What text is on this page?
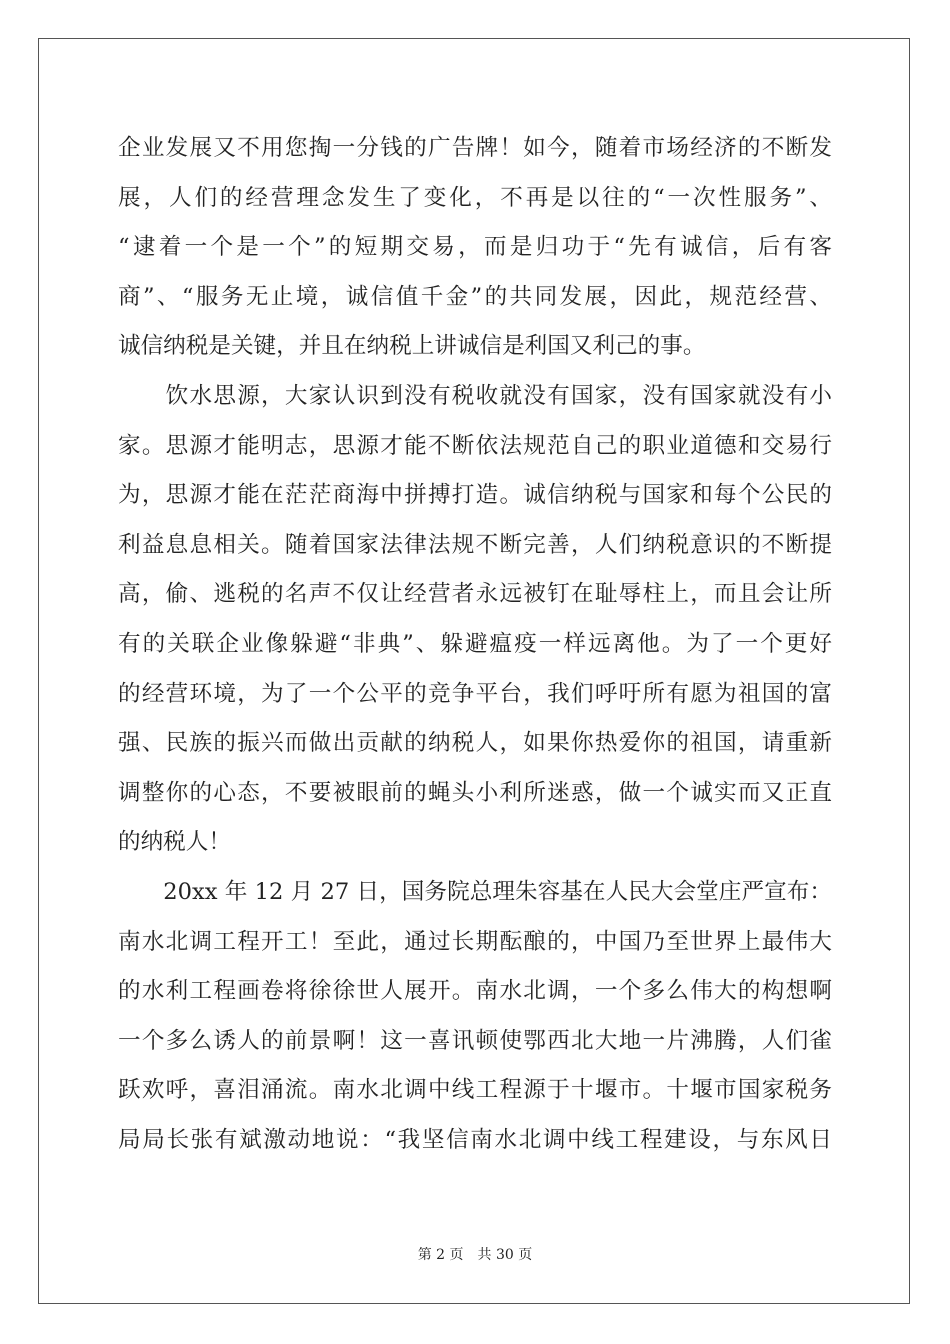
企业发展又不用您掏一分钱的广告牌！如今，随着市场经济的不断发
展，人们的经营理念发生了变化，不再是以往的“一次性服务”、
“逮着一个是一个”的短期交易，而是归功于“先有诚信，后有客
商”、“服务无止境，诚信值千金”的共同发展，因此，规范经营、
诚信纳税是关键，并且在纳税上讲诚信是利国又利己的事。
　　饮水思源，大家认识到没有税收就没有国家，没有国家就没有小
家。思源才能明志，思源才能不断依法规范自己的职业道德和交易行
为，思源才能在茫茫商海中拼搏打造。诚信纳税与国家和每个公民的
利益息息相关。随着国家法律法规不断完善，人们纳税意识的不断提
高，偷、逃税的名声不仅让经营者永远被钉在耻辱柱上，而且会让所
有的关联企业像躲避“非典”、躲避瘟疫一样远离他。为了一个更好
的经营环境，为了一个公平的竞争平台，我们呼吁所有愿为祖国的富
强、民族的振兴而做出贡献的纳税人，如果你热爱你的祖国，请重新
调整你的心态，不要被眼前的蝇头小利所迷惑，做一个诚实而又正直
的纳税人！
　　20xx 年 12 月 27 日，国务院总理朱容基在人民大会堂庄严宣布：
南水北调工程开工！至此，通过长期酝酿的，中国乃至世界上最伟大
的水利工程画卷将徐徐世人展开。南水北调，一个多么伟大的构想啊
一个多么诱人的前景啊！这一喜讯顿使鄂西北大地一片沸腾，人们雀
跃欢呼，喜泪涌流。南水北调中线工程源于十堰市。十堰市国家税务
局局长张有斌激动地说：“我坚信南水北调中线工程建设，与东风日
第 2 页　共 30 页
